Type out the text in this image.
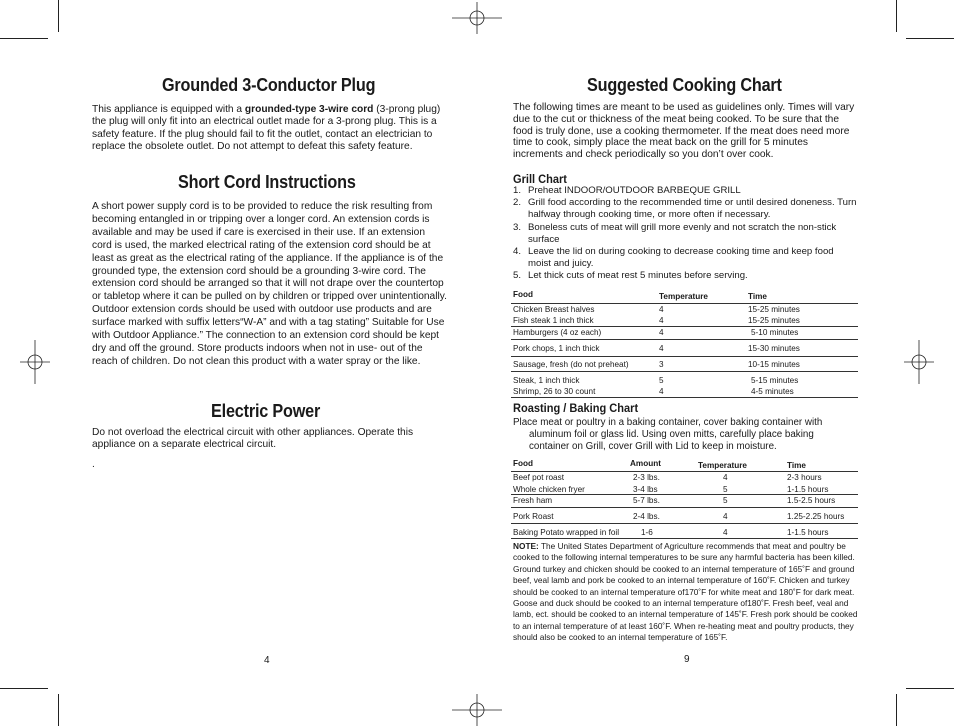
Grounded 3-Conductor Plug

This appliance is equipped with a grounded-type 3-wire cord (3-prong plug) the plug will only fit into an electrical outlet made for a 3-prong plug. This is a safety feature. If the plug should fail to fit the outlet, contact an electrician to replace the obsolete outlet. Do not attempt to defeat this safety feature.

Short Cord Instructions
A short power supply cord is to be provided to reduce the risk resulting from becoming entangled in or tripping over a longer cord. An extension cords is available and may be used if care is exercised in their use. If an extension cord is used, the marked electrical rating of the extension cord should be at least as great as the electrical rating of the appliance. If the appliance is of the grounded type, the extension cord should be a grounding 3-wire cord. The extension cord should be arranged so that it will not drape over the countertop or tabletop where it can be pulled on by children or tripped over unintentionally. Outdoor extension cords should be used with outdoor use products and are surface marked with suffix letters“W-A” and with a tag stating” Suitable for Use with Outdoor Appliance.” The connection to an extension cord should be kept dry and off the ground. Store products indoors when not in use- out of the reach of children. Do not clean this product with a water spray or the like.
Electric Power
Do not overload the electrical circuit with other appliances. Operate this appliance on a separate electrical circuit.
.
4
Suggested Cooking Chart
The following times are meant to be used as guidelines only. Times will vary due to the cut or thickness of the meat being cooked. To be sure that the food is truly done, use a cooking thermometer. If the meat does need more time to cook, simply place the meat back on the grill for 5 minutes increments and check periodically so you don’t over cook.
Grill Chart
1. Preheat INDOOR/OUTDOOR BARBEQUE GRILL
2. Grill food according to the recommended time or until desired doneness. Turn halfway through cooking time, or more often if necessary.
3. Boneless cuts of meat will grill more evenly and not scratch the non-stick surface
4. Leave the lid on during cooking to decrease cooking time and keep food moist and juicy.
5. Let thick cuts of meat rest 5 minutes before serving.
Food	Temperature	Time
Chicken Breast halves	4	15-25 minutes
Fish steak 1 inch thick	4	15-25 minutes
Hamburgers (4 oz each)	4	5-10 minutes
Pork chops, 1 inch thick	4	15-30 minutes
Sausage, fresh (do not preheat)	3	10-15 minutes
Steak, 1 inch thick	5	5-15 minutes
Shrimp, 26 to 30 count	4	4-5 minutes
Roasting / Baking Chart
Place meat or poultry in a baking container, cover baking container with aluminum foil or glass lid. Using oven mitts, carefully place baking container on Grill, cover Grill with Lid to keep in moisture.
Food	Amount	Temperature	Time
Beef pot roast	2-3 lbs.	4	2-3 hours
Whole chicken fryer	3-4 lbs	5	1-1.5 hours
Fresh ham	5-7 lbs.	5	1.5-2.5 hours
Pork Roast	2-4 lbs.	4	1.25-2.25 hours
Baking Potato wrapped in foil	1-6	4	1-1.5 hours
NOTE: The United States Department of Agriculture recommends that meat and poultry be cooked to the following internal temperatures to be sure any harmful bacteria has been killed. Ground turkey and chicken should be cooked to an internal temperature of 165˚F and ground beef, veal lamb and pork be cooked to an internal temperature of 160˚F. Chicken and turkey should be cooked to an internal temperature of170˚F for white meat and 180˚F for dark meat. Goose and duck should be cooked to an internal temperature of180˚F. Fresh beef, veal and lamb, ect. should be cooked to an internal temperature of 145˚F. Fresh pork should be cooked to an internal temperature of at least 160˚F. When re-heating meat and poultry products, they should also be cooked to an internal temperature of 165˚F.
9
